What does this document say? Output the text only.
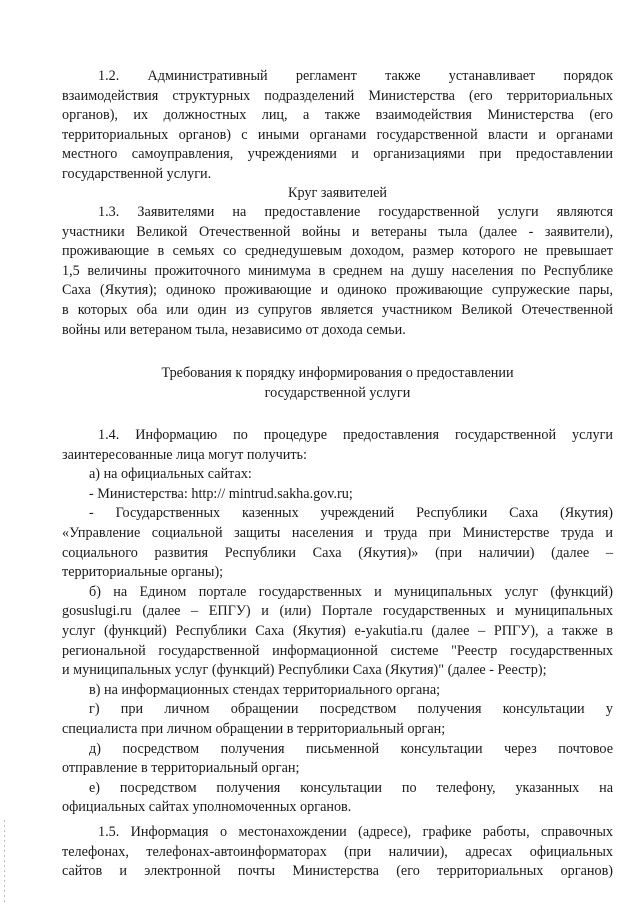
1.2. Административный регламент также устанавливает порядок
взаимодействия структурных подразделений Министерства (его территориальных
органов), их должностных лиц, а также взаимодействия Министерства (его
территориальных органов) с иными органами государственной власти и органами
местного самоуправления, учреждениями и организациями при предоставлении
государственной услуги.
Круг заявителей
1.3. Заявителями на предоставление государственной услуги являются
участники Великой Отечественной войны и ветераны тыла (далее - заявители),
проживающие в семьях со среднедушевым доходом, размер которого не превышает
1,5 величины прожиточного минимума в среднем на душу населения по Республике
Саха (Якутия); одиноко проживающие и одиноко проживающие супружеские пары,
в которых оба или один из супругов является участником Великой Отечественной
войны или ветераном тыла, независимо от дохода семьи.
Требования к порядку информирования о предоставлении
государственной услуги
1.4. Информацию по процедуре предоставления государственной услуги
заинтересованные лица могут получить:
а) на официальных сайтах:
- Министерства: http:// mintrud.sakha.gov.ru;
- Государственных казенных учреждений Республики Саха (Якутия)
«Управление социальной защиты населения и труда при Министерстве труда и
социального развития Республики Саха (Якутия)» (при наличии) (далее –
территориальные органы);
б) на Едином портале государственных и муниципальных услуг (функций)
gosuslugi.ru (далее – ЕПГУ) и (или) Портале государственных и муниципальных
услуг (функций) Республики Саха (Якутия) e-yakutia.ru (далее – РПГУ), а также в
региональной государственной информационной системе "Реестр государственных
и муниципальных услуг (функций) Республики Саха (Якутия)" (далее - Реестр);
в) на информационных стендах территориального органа;
г) при личном обращении посредством получения консультации у
специалиста при личном обращении в территориальный орган;
д) посредством получения письменной консультации через почтовое
отправление в территориальный орган;
е) посредством получения консультации по телефону, указанных на
официальных сайтах уполномоченных органов.
1.5. Информация о местонахождении (адресе), графике работы, справочных
телефонах, телефонах-автоинформаторах (при наличии), адресах официальных
сайтов и электронной почты Министерства (его территориальных органов)
